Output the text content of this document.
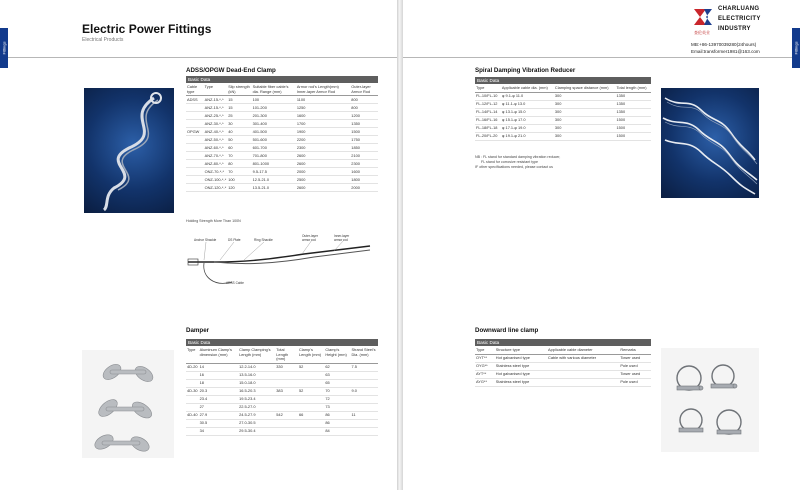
Fittings
Electric Power Fittings
Electrical Products
ADSS/OPGW Dead-End Clamp
Basic Data
Cable type	Type	Slip strength (kN)	Suitable fiber cable's dia. Range (mm)	Armor rod's Length(mm) Inner-layer Armor Rod	Outer-layer Armor Rod
ADSS	ANZ-15-*-*	15	100	1100	800
	ANZ-15-*-*	15	101-200	1250	800
	ANZ-25-*-*	25	201-300	1600	1200
	ANZ-30-*-*	30	301-400	1700	1350
OPGW	ANZ-40-*-*	40	401-500	1900	1500
	ANZ-50-*-*	50	501-600	2200	1750
	ANZ-60-*-*	60	601-700	2300	1850
	ANZ-70-*-*	70	701-800	2600	2100
	ANZ-80-*-*	80	801-1000	2600	2300
	ONZ-70-*-*	70	9.5-17.5	2000	1600
	ONZ-100-*-*	100	12.5-21.0	2500	1800
	ONZ-120-*-*	120	13.5-21.0	2600	2000
Holding Strength More Than 100N
Anchor Shackle	DS Plate	Ring Shackle
Outer-layer armor rod
Inner-layer armor rod
ADSS Cable
Damper
Basic Data
Type	Aluminum Clamp's dimension (mm)	Clamp Clamping's Length (mm)	Total Length (mm)	Clamp's Length (mm)	Clamp's Height (mm)	Strand Steel's Dia. (mm)
4D-20	14	12.2-14.0	330	52	62	7.5
	16	13.5-16.0			63	
	18	15.0-18.0			65	
4D-30	20.3	16.5-20.3	383	52	70	9.0
	23.4	19.5-23.4			72	
	27	22.5-27.0			73	
4D-40	27.9	24.5-27.9	542	66	86	11
	30.5	27.0-30.5			86	
	34	29.5-30.4			84	
Fittings
查伦英业
CHARLUANG
ELECTRICITY
INDUSTRY
MB:+86-13970039280(24hours)
Email:transformer1981@163.com
Spiral Damping Vibration Reducer
Basic Data
Type	Applicable cable dia. (mm)	Clamping space distance (mm)	Total length (mm)
FL-10/FL-10	φ 9.1-φ 11.0	300	1350
FL-12/FL-12	φ 11.1-φ 13.0	300	1350
FL-14/FL-14	φ 13.1-φ 15.0	300	1350
FL-16/FL-16	φ 15.1-φ 17.0	300	1500
FL-18/FL-18	φ 17.1-φ 19.0	300	1500
FL-20/FL-20	φ 19.1-φ 21.0	300	1500
NB : FL stand for standard damping vibration reducer,
FL stand for corrosive resistant type
IF other specifications needed, please contact us
Downward line clamp
Basic Data
Type	Structure type	Applicable cable diameter	Remarks
OYT**	Hot galvanised type	Cable with various diameter	Tower used
OYG**	Stainless steel type		Pole used
AYT**	Hot galvanised type		Tower used
AYG**	Stainless steel type		Pole used
